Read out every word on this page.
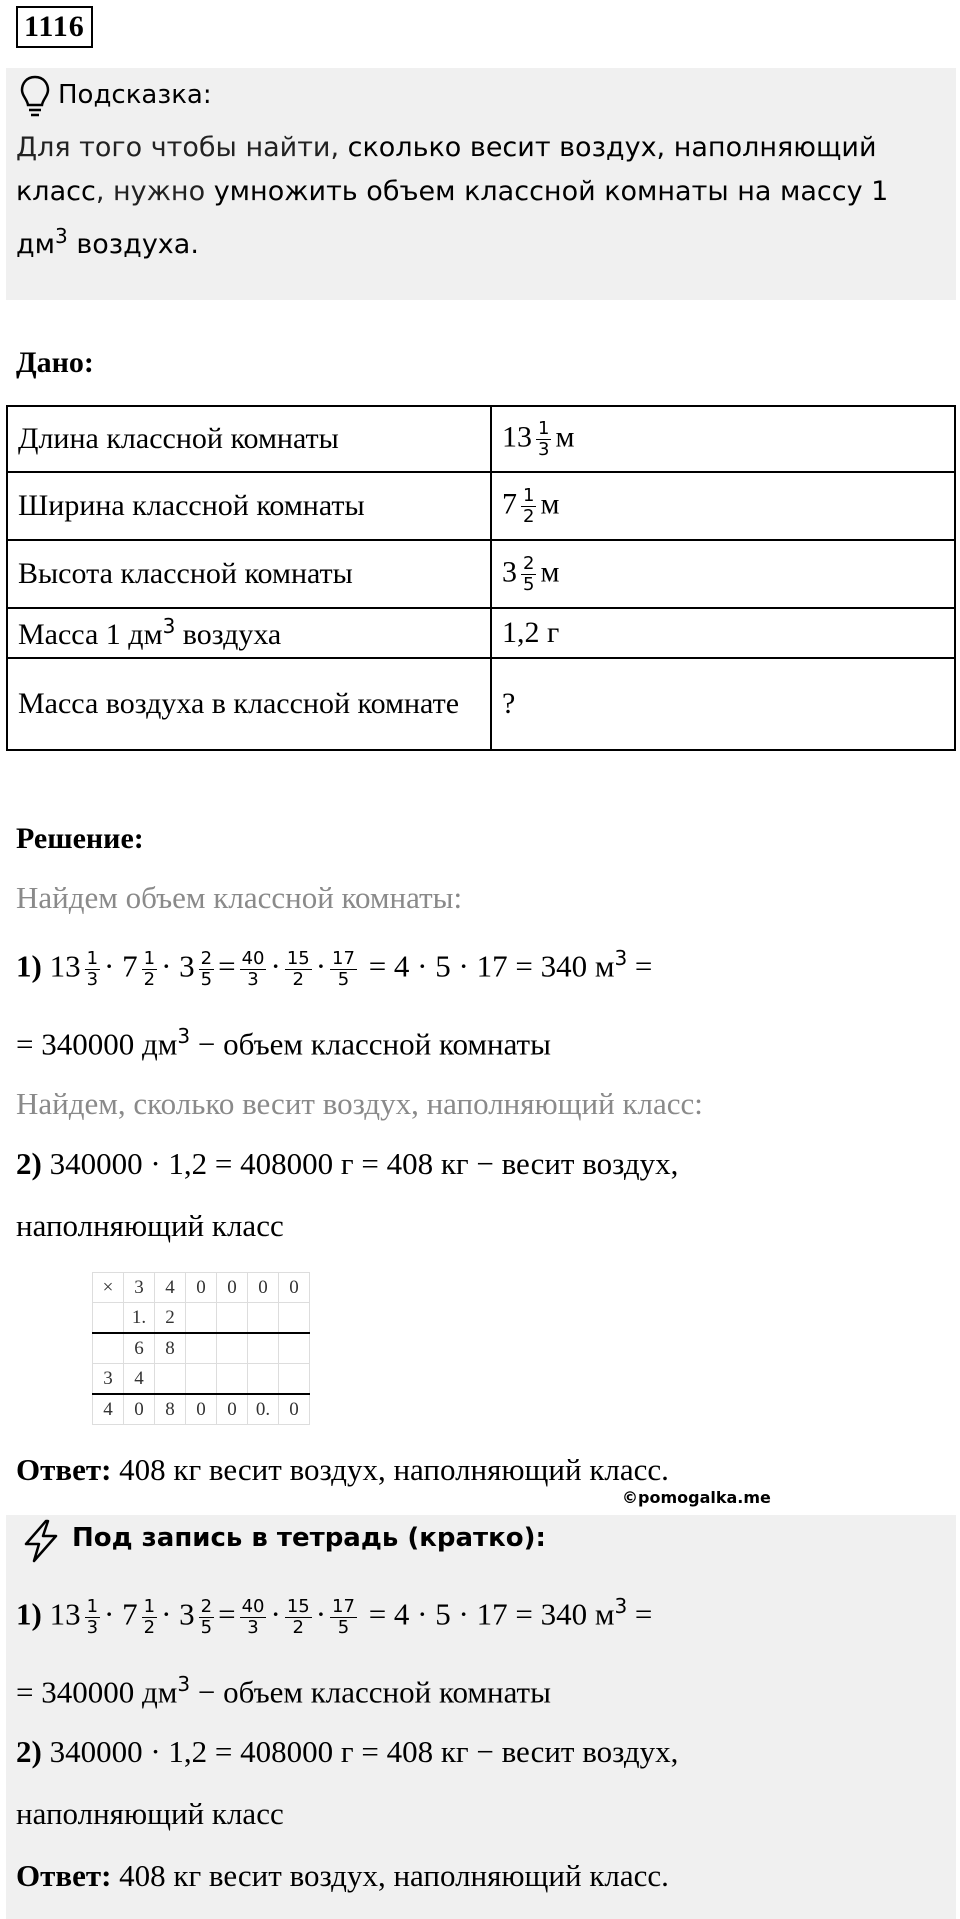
1116
Подсказка:
Для того чтобы найти, сколько весит воздух, наполняющий класс, нужно умножить объем классной комнаты на массу 1 $дм^3$ воздуха.
Дано:
Длина классной комнаты	$13 \frac{1}{3}$ м
Ширина классной комнаты	$7 \frac{1}{2}$ м
Высота классной комнаты	$3 \frac{2}{5}$ м
Масса 1 $дм^3$ воздуха	1,2 г
Масса воздуха в классной комнате	?
Решение:
Найдем объем классной комнаты:
1) $13 \frac{1}{3} \cdot 7 \frac{1}{2} \cdot 3 \frac{2}{5} = \frac{40}{3} \cdot \frac{15}{2} \cdot \frac{17}{5} = 4 \cdot 5 \cdot 17 = 340$ $м^3$ =
= 340000 $дм^3$ − объем классной комнаты
Найдем, сколько весит воздух, наполняющий класс:
2) 340000 · 1,2 = 408000 г = 408 кг − весит воздух,
наполняющий класс
×	3	4	0	0	0	0
	1.	2				
	6	8				
3	4					
4	0	8	0	0	0.	0
Ответ: 408 кг весит воздух, наполняющий класс.
©pomogalka.me
Под запись в тетрадь (кратко):
1) $13 \frac{1}{3} \cdot 7 \frac{1}{2} \cdot 3 \frac{2}{5} = \frac{40}{3} \cdot \frac{15}{2} \cdot \frac{17}{5} = 4 \cdot 5 \cdot 17 = 340$ $м^3$ =
= 340000 $дм^3$ − объем классной комнаты
2) 340000 · 1,2 = 408000 г = 408 кг − весит воздух,
наполняющий класс
Ответ: 408 кг весит воздух, наполняющий класс.
